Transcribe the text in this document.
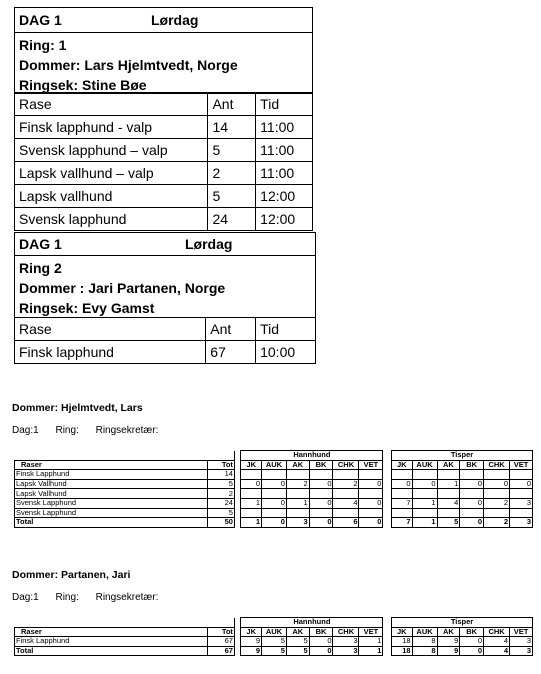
DAG 1	Lørdag
Ring: 1
Dommer: Lars Hjelmtvedt, Norge
Ringsek: Stine Bøe
Rase	Ant	Tid
Finsk lapphund - valp	14	11:00
Svensk lapphund – valp	5	11:00
Lapsk vallhund – valp	2	11:00
Lapsk vallhund	5	12:00
Svensk lapphund	24	12:00
DAG 1	Lørdag
Ring 2
Dommer : Jari Partanen, Norge
Ringsek: Evy Gamst
Rase	Ant	Tid
Finsk lapphund	67	10:00
Dommer: Hjelmtvedt, Lars
Dag:1 Ring: Ringsekretær:
			Hannhund							Tisper					
Raser	Tot		JK	AUK	AK	BK	CHK	VET		JK	AUK	AK	BK	CHK	VET
Finsk Lapphund	14														
Lapsk Vallhund	5		0	0	2	0	2	0		0	0	1	0	0	0
Lapsk Vallhund	2														
Svensk Lapphund	24		1	0	1	0	4	0		7	1	4	0	2	3
Svensk Lapphund	5														
Total	50		1	0	3	0	6	0		7	1	5	0	2	3
Dommer: Partanen, Jari
Dag:1 Ring: Ringsekretær:
			Hannhund							Tisper					
Raser	Tot		JK	AUK	AK	BK	CHK	VET		JK	AUK	AK	BK	CHK	VET
Finsk Lapphund	67		9	5	5	0	3	1		18	8	9	0	4	3
Total	67		9	5	5	0	3	1		18	8	9	0	4	3
